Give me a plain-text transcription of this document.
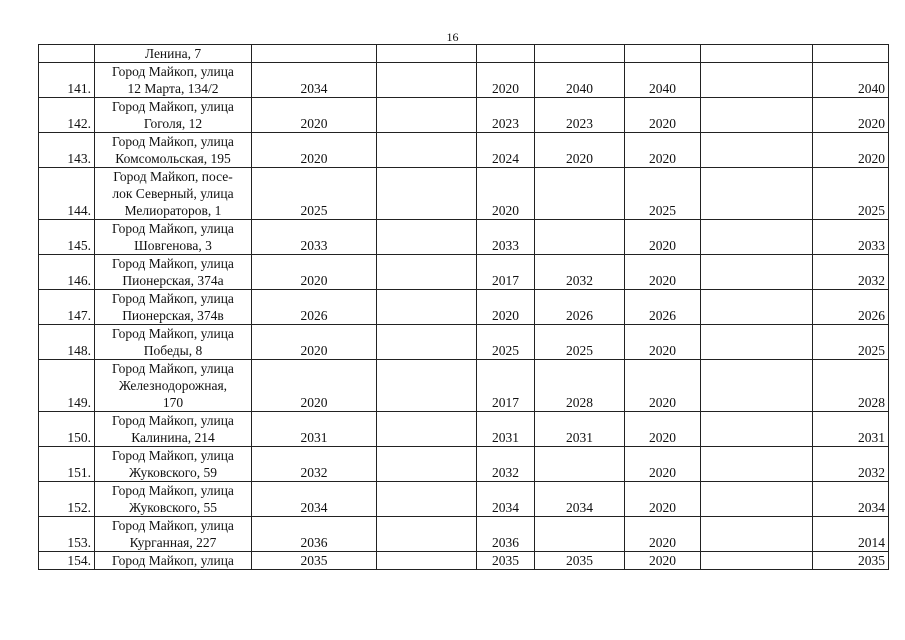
16
	Ленина, 7							
141.	Город Майкоп, улица
12 Марта, 134/2	2034		2020	2040	2040		2040
142.	Город Майкоп, улица
Гоголя, 12	2020		2023	2023	2020		2020
143.	Город Майкоп, улица
Комсомольская, 195	2020		2024	2020	2020		2020
144.	Город Майкоп, посе-
лок Северный, улица
Мелиораторов, 1	2025		2020		2025		2025
145.	Город Майкоп, улица
Шовгенова, 3	2033		2033		2020		2033
146.	Город Майкоп, улица
Пионерская, 374а	2020		2017	2032	2020		2032
147.	Город Майкоп, улица
Пионерская, 374в	2026		2020	2026	2026		2026
148.	Город Майкоп, улица
Победы, 8	2020		2025	2025	2020		2025
149.	Город Майкоп, улица
Железнодорожная,
170	2020		2017	2028	2020		2028
150.	Город Майкоп, улица
Калинина, 214	2031		2031	2031	2020		2031
151.	Город Майкоп, улица
Жуковского, 59	2032		2032		2020		2032
152.	Город Майкоп, улица
Жуковского, 55	2034		2034	2034	2020		2034
153.	Город Майкоп, улица
Курганная, 227	2036		2036		2020		2014
154.	Город Майкоп, улица	2035		2035	2035	2020		2035
